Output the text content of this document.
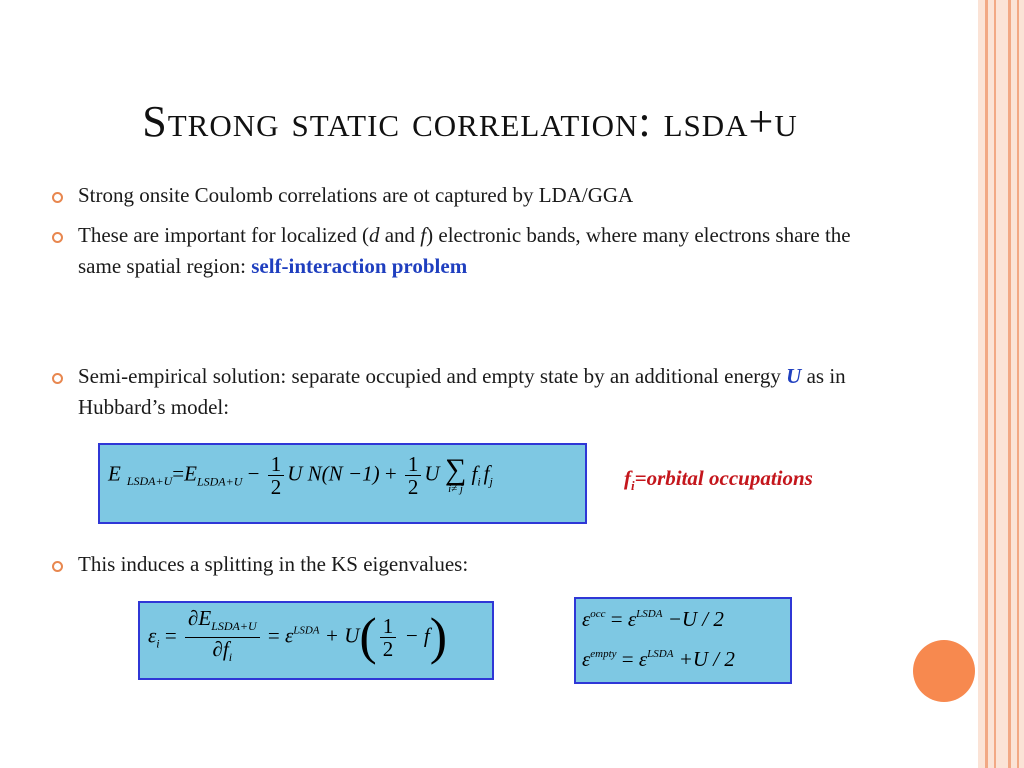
Strong static correlation: lsda+u
Strong onsite Coulomb correlations are ot captured by LDA/GGA
These are important for localized (d and f) electronic bands, where many electrons share the same spatial region: self-interaction problem
Semi-empirical solution: separate occupied and empty state by an additional energy U as in Hubbard’s model:
E $_{LSDA+U}=E_{LSDA+U} - \frac{1}{2}$ U $N(N -1) + \frac{1}{2}$ U ∑
i≠ j
$f_i$ $f_j$	$f_i=orbital$ occupations
This induces a splitting in the KS eigenvalues:
$\varepsilon_i = \frac{\partial E_{LSDA+U}}{\partial f_i} = \varepsilon^{LSDA} + U( \frac{1}{2} - f)$	$\varepsilon^{occ} = \varepsilon^{LSDA} -U / 2$
$\varepsilon^{empty} = \varepsilon^{LSDA} +U / 2$
